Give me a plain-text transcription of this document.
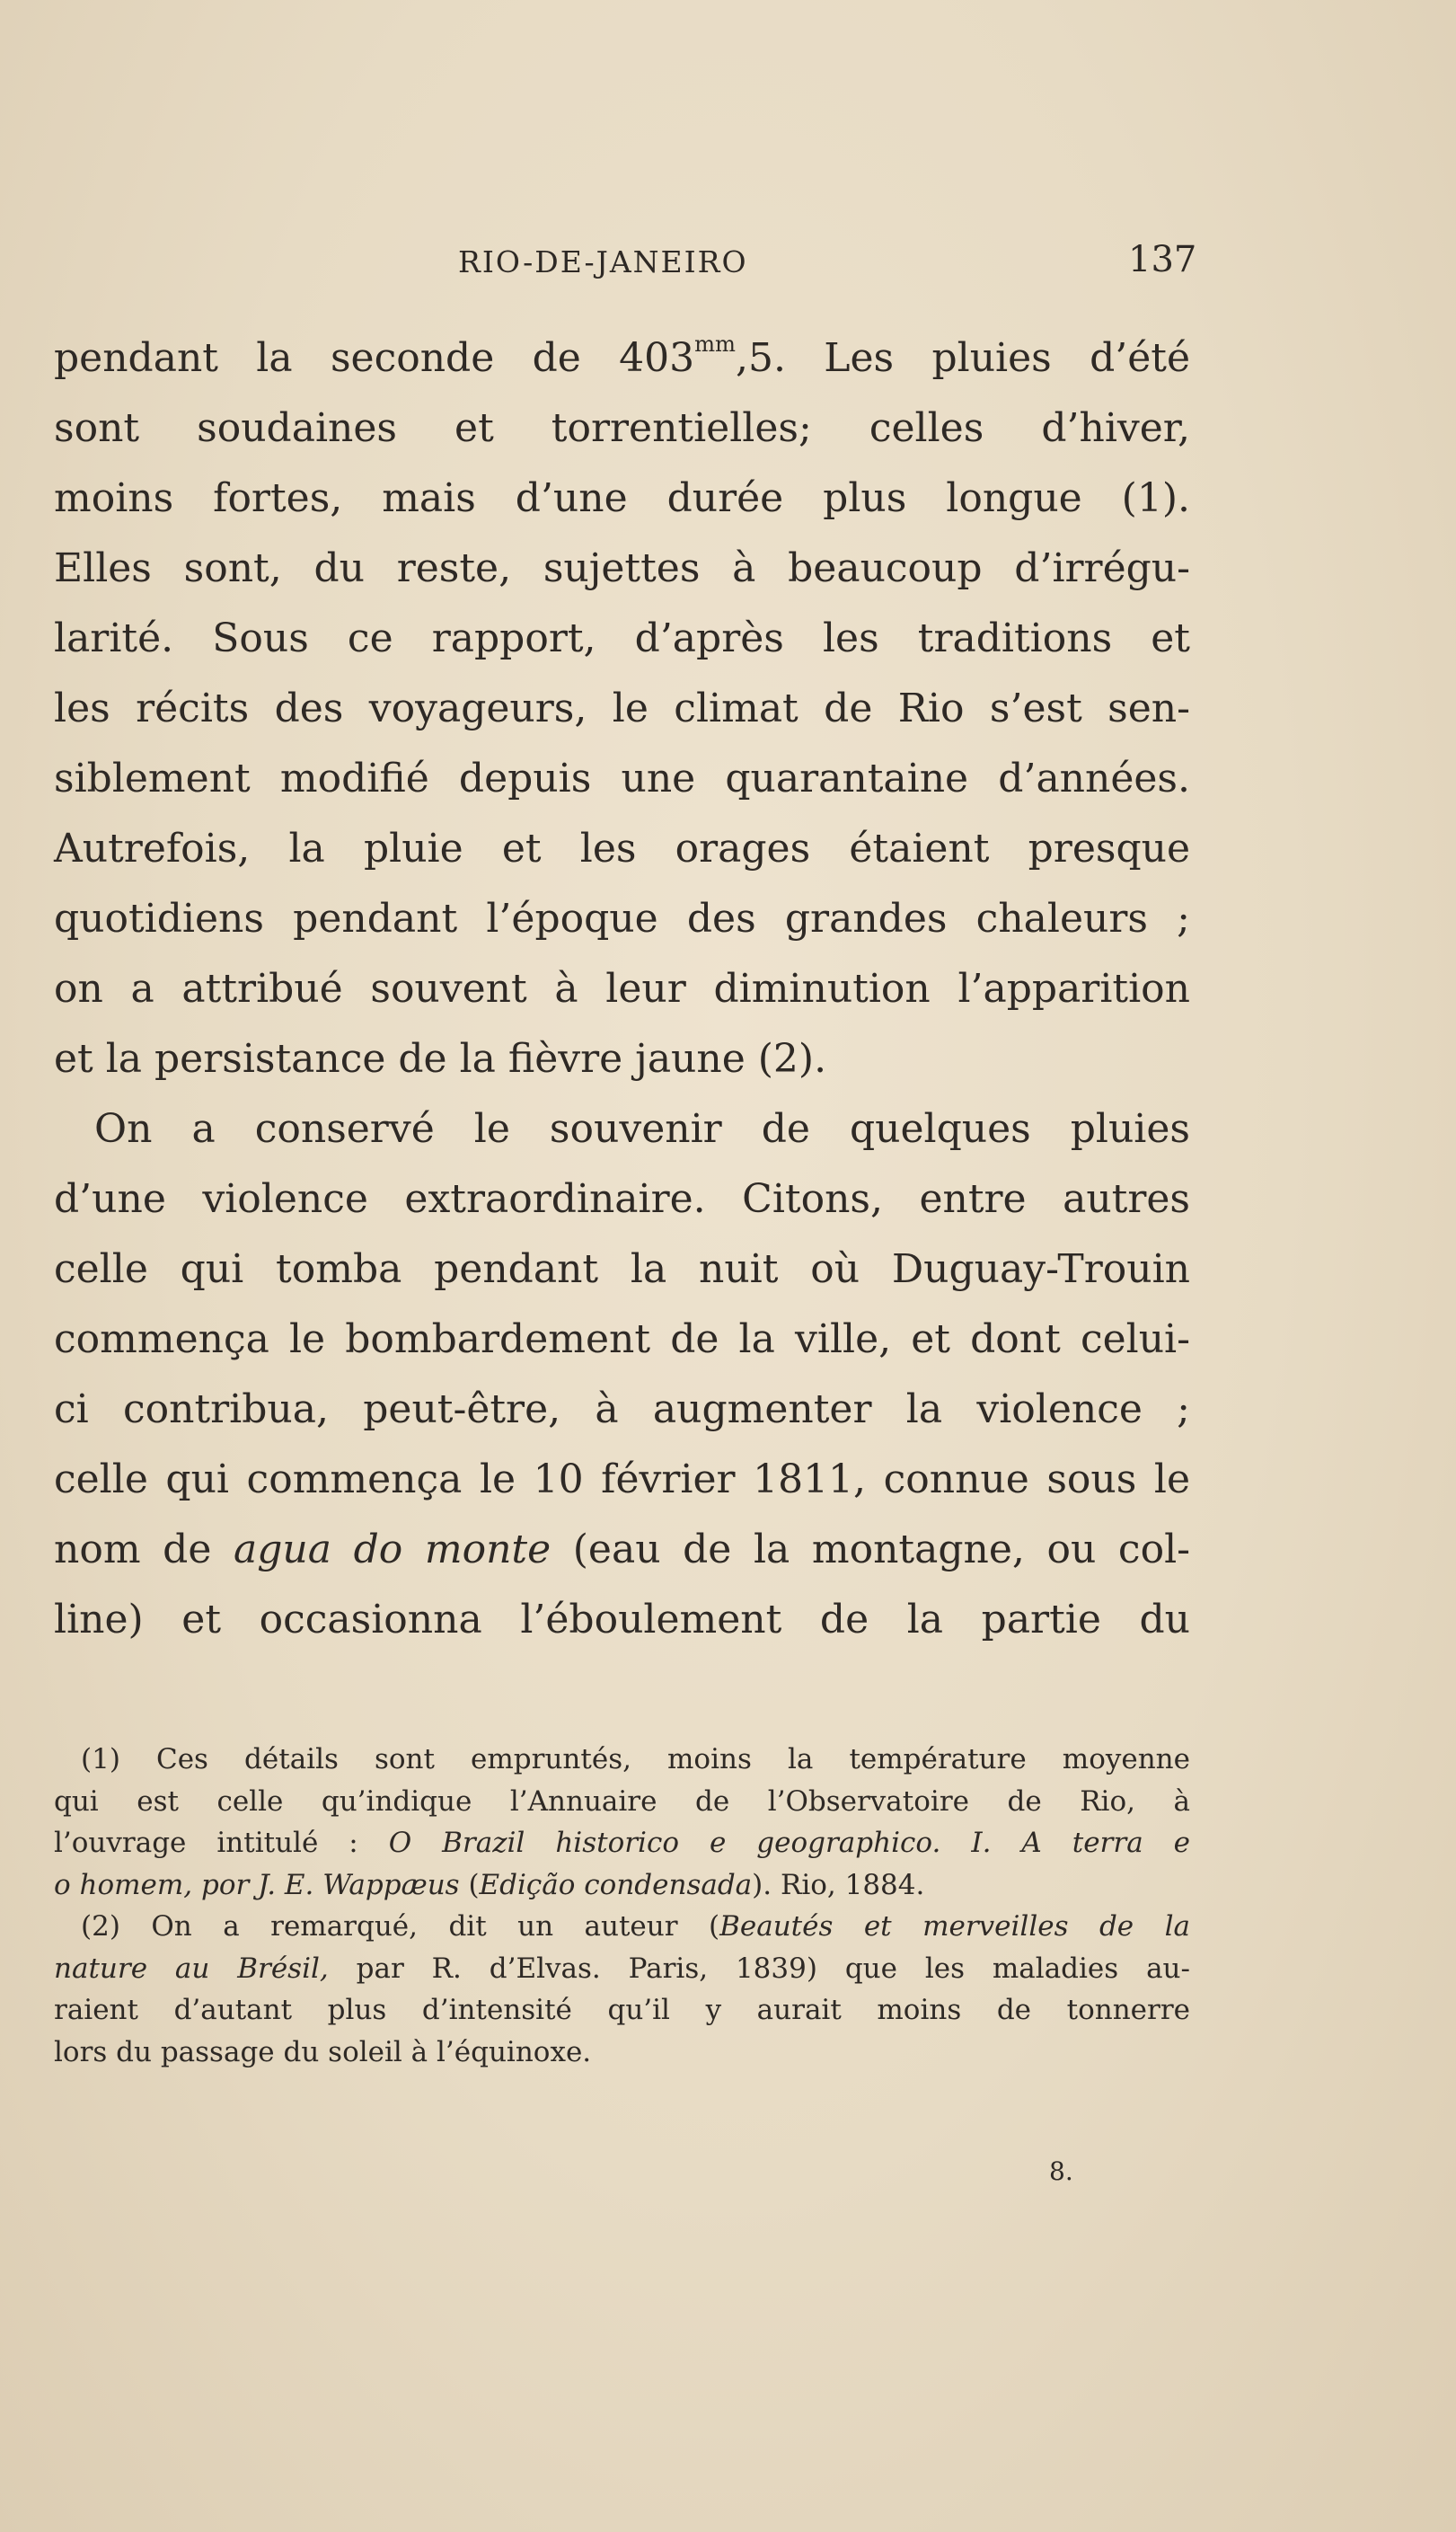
RIO-DE-JANEIRO	137
pendant la seconde de $403^{mm},5$. Les pluies d’été
sont soudaines et torrentielles; celles d’hiver,
moins fortes, mais d’une durée plus longue (1).
Elles sont, du reste, sujettes à beaucoup d’irrégu-
larité. Sous ce rapport, d’après les traditions et
les récits des voyageurs, le climat de Rio s’est sen-
siblement modifié depuis une quarantaine d’années.
Autrefois, la pluie et les orages étaient presque
quotidiens pendant l’époque des grandes chaleurs ;
on a attribué souvent à leur diminution l’apparition
et la persistance de la fièvre jaune (2).
On a conservé le souvenir de quelques pluies
d’une violence extraordinaire. Citons, entre autres
celle qui tomba pendant la nuit où Duguay-Trouin
commença le bombardement de la ville, et dont celui-
ci contribua, peut-être, à augmenter la violence ;
celle qui commença le 10 février 1811, connue sous le
nom de agua do monte (eau de la montagne, ou col-
line) et occasionna l’éboulement de la partie du
(1) Ces détails sont empruntés, moins la température moyenne
qui est celle qu’indique l’Annuaire de l’Observatoire de Rio, à
l’ouvrage intitulé : O Brazil historico e geographico. I. A terra e
o homem, por J. E. Wappæus (Edição condensada). Rio, 1884.
(2) On a remarqué, dit un auteur (Beautés et merveilles de la
nature au Brésil, par R. d’Elvas. Paris, 1839) que les maladies au-
raient d’autant plus d’intensité qu’il y aurait moins de tonnerre
lors du passage du soleil à l’équinoxe.
8.
